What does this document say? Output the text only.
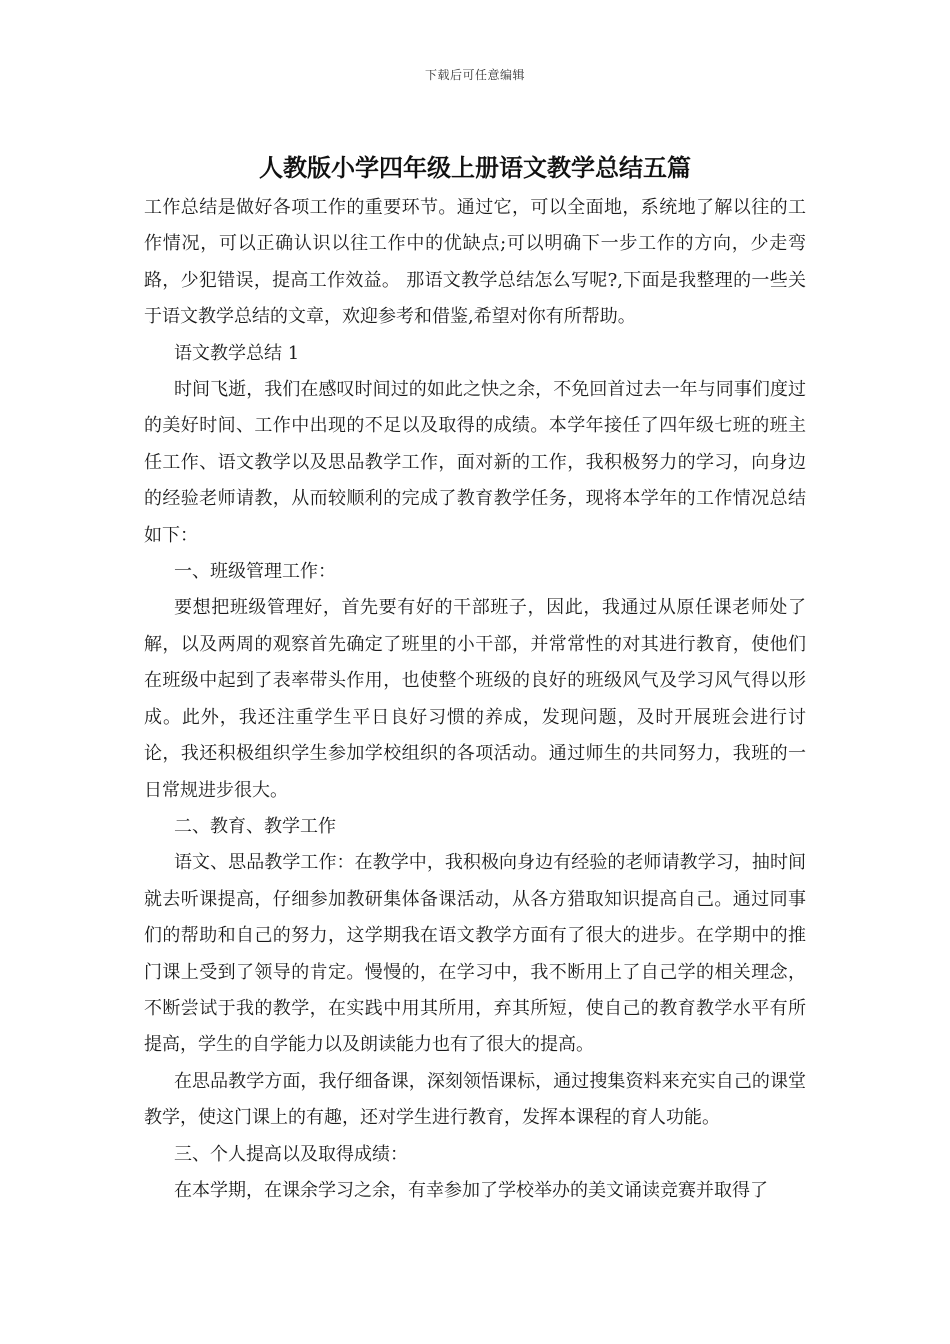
下载后可任意编辑
人教版小学四年级上册语文教学总结五篇

工作总结是做好各项工作的重要环节。通过它，可以全面地，系统地了解以往的工作情况，可以正确认识以往工作中的优缺点;可以明确下一步工作的方向，少走弯路，少犯错误，提高工作效益。 那语文教学总结怎么写呢?,下面是我整理的一些关于语文教学总结的文章，欢迎参考和借鉴,希望对你有所帮助。

语文教学总结 1

时间飞逝，我们在感叹时间过的如此之快之余，不免回首过去一年与同事们度过的美好时间、工作中出现的不足以及取得的成绩。本学年接任了四年级七班的班主任工作、语文教学以及思品教学工作，面对新的工作，我积极努力的学习，向身边的经验老师请教，从而较顺利的完成了教育教学任务，现将本学年的工作情况总结如下：

一、班级管理工作：

要想把班级管理好，首先要有好的干部班子，因此，我通过从原任课老师处了解，以及两周的观察首先确定了班里的小干部，并常常性的对其进行教育，使他们在班级中起到了表率带头作用，也使整个班级的良好的班级风气及学习风气得以形成。此外，我还注重学生平日良好习惯的养成，发现问题，及时开展班会进行讨论，我还积极组织学生参加学校组织的各项活动。通过师生的共同努力，我班的一日常规进步很大。

二、教育、教学工作

语文、思品教学工作：在教学中，我积极向身边有经验的老师请教学习，抽时间就去听课提高，仔细参加教研集体备课活动，从各方猎取知识提高自己。通过同事们的帮助和自己的努力，这学期我在语文教学方面有了很大的进步。在学期中的推门课上受到了领导的肯定。慢慢的，在学习中，我不断用上了自己学的相关理念，不断尝试于我的教学，在实践中用其所用，弃其所短，使自己的教育教学水平有所提高，学生的自学能力以及朗读能力也有了很大的提高。

在思品教学方面，我仔细备课，深刻领悟课标，通过搜集资料来充实自己的课堂教学，使这门课上的有趣，还对学生进行教育，发挥本课程的育人功能。

三、个人提高以及取得成绩：

在本学期，在课余学习之余，有幸参加了学校举办的美文诵读竞赛并取得了
